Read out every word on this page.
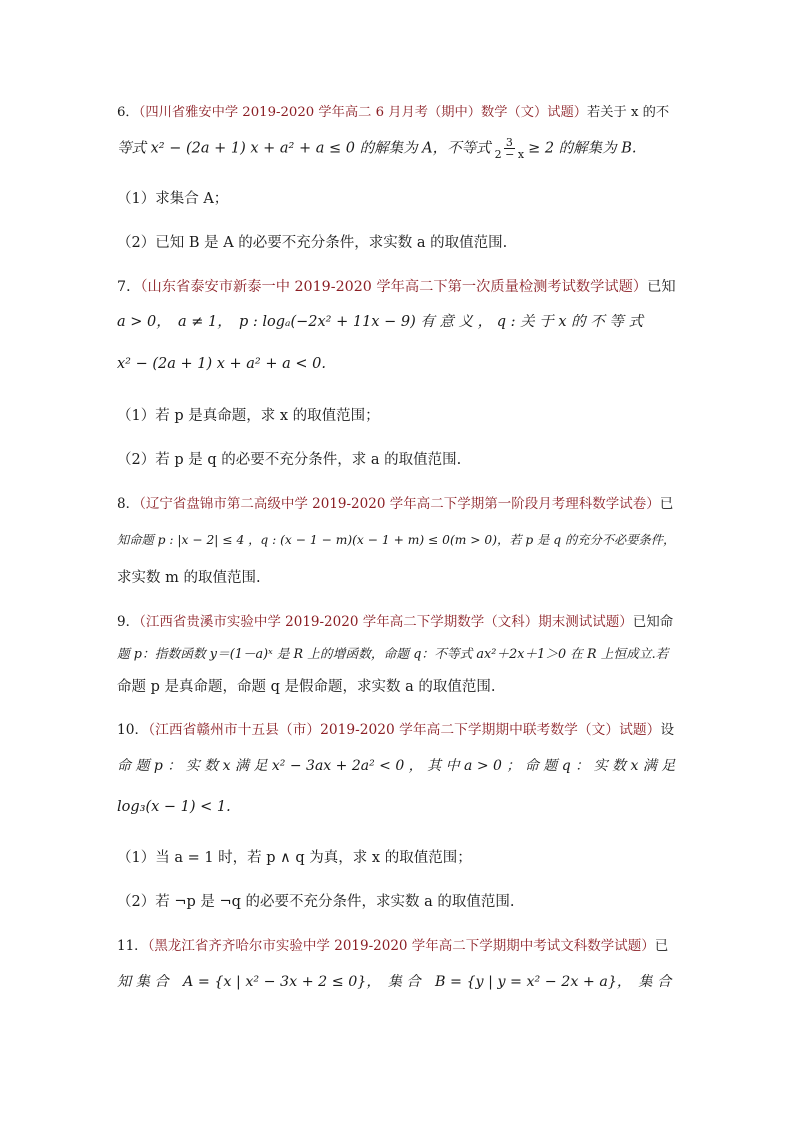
6．（四川省雅安中学 2019-2020 学年高二 6 月月考（期中）数学（文）试题）若关于 x 的不
等式 x² − (2a + 1) x + a² + a ≤ 0 的解集为 A，不等式 $\frac{3}{2 - x} \ge 2$ 的解集为 B.
（1）求集合 A；
（2）已知 B 是 A 的必要不充分条件，求实数 a 的取值范围.
7．（山东省泰安市新泰一中 2019-2020 学年高二下第一次质量检测考试数学试题）已知
a > 0，　a ≠ 1，　p : logₐ(−2x² + 11x − 9) 有 意 义 ， q : 关 于 x 的 不 等 式
x² − (2a + 1) x + a² + a < 0.
（1）若 p 是真命题，求 x 的取值范围；
（2）若 p 是 q 的必要不充分条件，求 a 的取值范围.
8．（辽宁省盘锦市第二高级中学 2019-2020 学年高二下学期第一阶段月考理科数学试卷）已
知命题 p : |x − 2| ≤ 4 ，q : (x − 1 − m)(x − 1 + m) ≤ 0(m > 0)，若 p 是 q 的充分不必要条件，
求实数 m 的取值范围.
9．（江西省贵溪市实验中学 2019-2020 学年高二下学期数学（文科）期末测试试题）已知命
题 p：指数函数 y＝(1－a)ˣ 是 R 上的增函数，命题 q：不等式 ax²＋2x＋1＞0 在 R 上恒成立.若
命题 p 是真命题，命题 q 是假命题，求实数 a 的取值范围.
10．（江西省赣州市十五县（市）2019-2020 学年高二下学期期中联考数学（文）试题）设
命 题 p ： 实 数 x 满 足 x² − 3ax + 2a² < 0 ， 其 中 a > 0 ； 命 题 q ： 实 数 x 满 足
log₃(x − 1) < 1.
（1）当 a = 1 时，若 p ∧ q 为真，求 x 的取值范围；
（2）若 ¬p 是 ¬q 的必要不充分条件，求实数 a 的取值范围.
11．（黑龙江省齐齐哈尔市实验中学 2019-2020 学年高二下学期期中考试文科数学试题）已
知 集 合　A = {x | x² − 3x + 2 ≤ 0}，　集 合　B = {y | y = x² − 2x + a}，　集 合
